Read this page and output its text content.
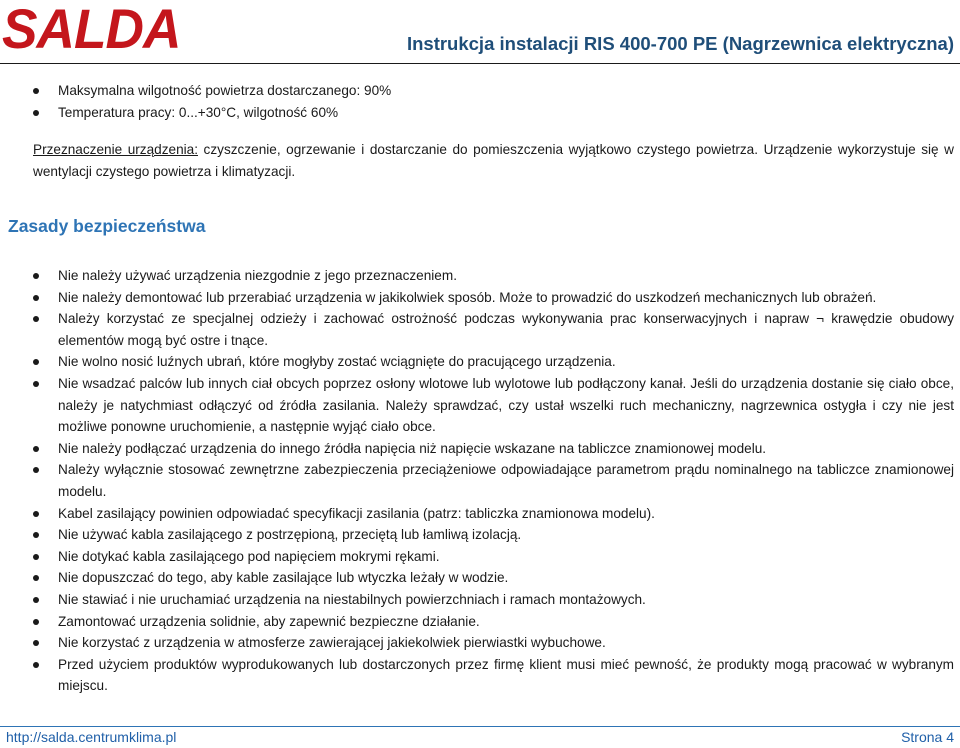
SALDA	Instrukcja instalacji RIS 400-700 PE (Nagrzewnica elektryczna)
Maksymalna wilgotność powietrza dostarczanego: 90%
Temperatura pracy: 0...+30°C, wilgotność 60%

Przeznaczenie urządzenia: czyszczenie, ogrzewanie i dostarczanie do pomieszczenia wyjątkowo czystego powietrza. Urządzenie wykorzystuje się w wentylacji czystego powietrza i klimatyzacji.

Zasady bezpieczeństwa
Nie należy używać urządzenia niezgodnie z jego przeznaczeniem.
Nie należy demontować lub przerabiać urządzenia w jakikolwiek sposób. Może to prowadzić do uszkodzeń mechanicznych lub obrażeń.
Należy korzystać ze specjalnej odzieży i zachować ostrożność podczas wykonywania prac konserwacyjnych i napraw ¬ krawędzie obudowy elementów mogą być ostre i tnące.
Nie wolno nosić luźnych ubrań, które mogłyby zostać wciągnięte do pracującego urządzenia.
Nie wsadzać palców lub innych ciał obcych poprzez osłony wlotowe lub wylotowe lub podłączony kanał. Jeśli do urządzenia dostanie się ciało obce, należy je natychmiast odłączyć od źródła zasilania. Należy sprawdzać, czy ustał wszelki ruch mechaniczny, nagrzewnica ostygła i czy nie jest możliwe ponowne uruchomienie, a następnie wyjąć ciało obce.
Nie należy podłączać urządzenia do innego źródła napięcia niż napięcie wskazane na tabliczce znamionowej modelu.
Należy wyłącznie stosować zewnętrzne zabezpieczenia przeciążeniowe odpowiadające parametrom prądu nominalnego na tabliczce znamionowej modelu.
Kabel zasilający powinien odpowiadać specyfikacji zasilania (patrz: tabliczka znamionowa modelu).
Nie używać kabla zasilającego z postrzępioną, przeciętą lub łamliwą izolacją.
Nie dotykać kabla zasilającego pod napięciem mokrymi rękami.
Nie dopuszczać do tego, aby kable zasilające lub wtyczka leżały w wodzie.
Nie stawiać i nie uruchamiać urządzenia na niestabilnych powierzchniach i ramach montażowych.
Zamontować urządzenia solidnie, aby zapewnić bezpieczne działanie.
Nie korzystać z urządzenia w atmosferze zawierającej jakiekolwiek pierwiastki wybuchowe.
Przed użyciem produktów wyprodukowanych lub dostarczonych przez firmę klient musi mieć pewność, że produkty mogą pracować w wybranym miejscu.
http://salda.centrumklima.pl	Strona 4
